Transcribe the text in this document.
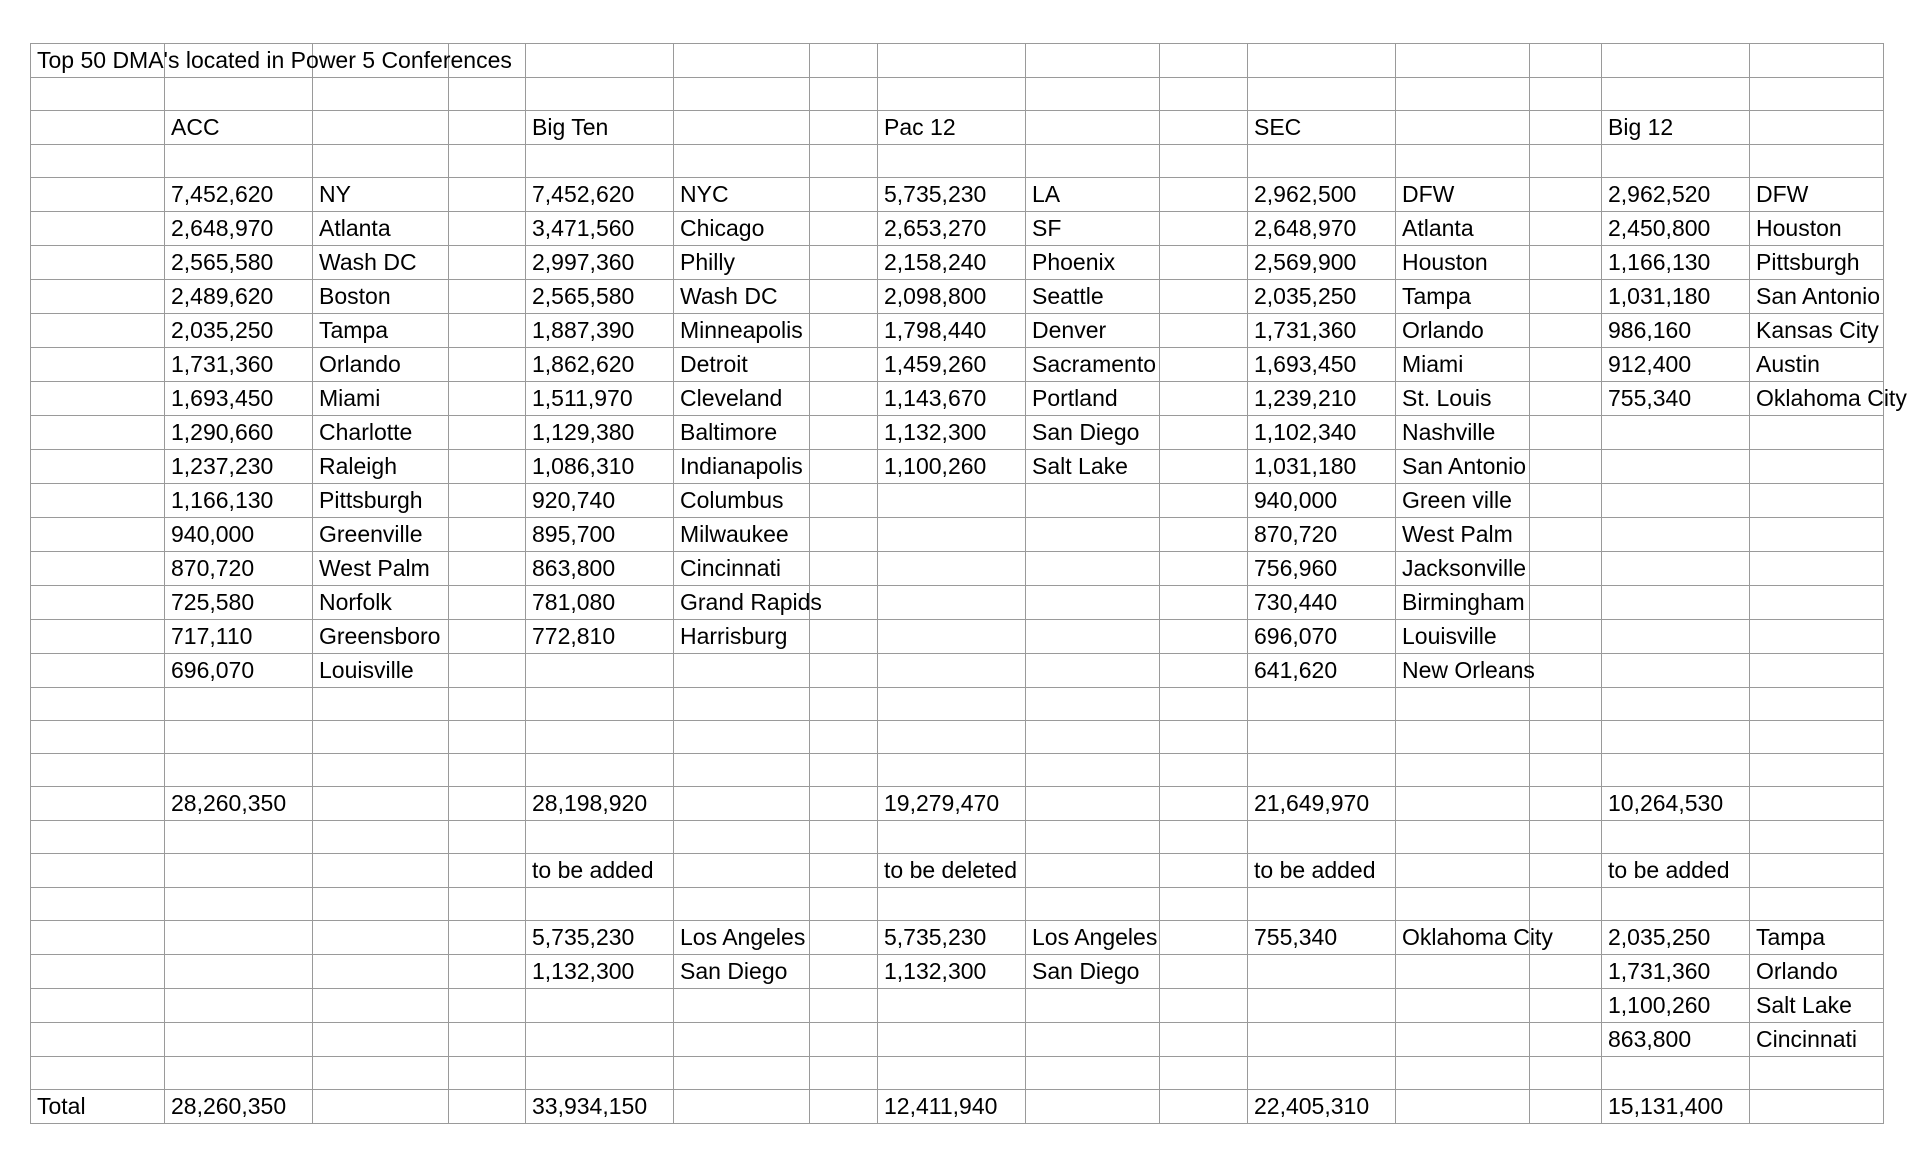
Top 50 DMA's located in Power 5 Conferences														

	ACC			Big Ten			Pac 12			SEC			Big 12	

	7,452,620	NY		7,452,620	NYC		5,735,230	LA		2,962,500	DFW		2,962,520	DFW
	2,648,970	Atlanta		3,471,560	Chicago		2,653,270	SF		2,648,970	Atlanta		2,450,800	Houston
	2,565,580	Wash DC		2,997,360	Philly		2,158,240	Phoenix		2,569,900	Houston		1,166,130	Pittsburgh
	2,489,620	Boston		2,565,580	Wash DC		2,098,800	Seattle		2,035,250	Tampa		1,031,180	San Antonio
	2,035,250	Tampa		1,887,390	Minneapolis		1,798,440	Denver		1,731,360	Orlando		986,160	Kansas City
	1,731,360	Orlando		1,862,620	Detroit		1,459,260	Sacramento		1,693,450	Miami		912,400	Austin
	1,693,450	Miami		1,511,970	Cleveland		1,143,670	Portland		1,239,210	St. Louis		755,340	Oklahoma City
	1,290,660	Charlotte		1,129,380	Baltimore		1,132,300	San Diego		1,102,340	Nashville			
	1,237,230	Raleigh		1,086,310	Indianapolis		1,100,260	Salt Lake		1,031,180	San Antonio			
	1,166,130	Pittsburgh		920,740	Columbus					940,000	Green ville			
	940,000	Greenville		895,700	Milwaukee					870,720	West Palm			
	870,720	West Palm		863,800	Cincinnati					756,960	Jacksonville			
	725,580	Norfolk		781,080	Grand Rapids					730,440	Birmingham			
	717,110	Greensboro		772,810	Harrisburg					696,070	Louisville			
	696,070	Louisville								641,620	New Orleans			

	28,260,350			28,198,920			19,279,470			21,649,970			10,264,530	

				to be added			to be deleted			to be added			to be added	

				5,735,230	Los Angeles		5,735,230	Los Angeles		755,340	Oklahoma City		2,035,250	Tampa
				1,132,300	San Diego		1,132,300	San Diego					1,731,360	Orlando
													1,100,260	Salt Lake
													863,800	Cincinnati

Total	28,260,350			33,934,150			12,411,940			22,405,310			15,131,400	
